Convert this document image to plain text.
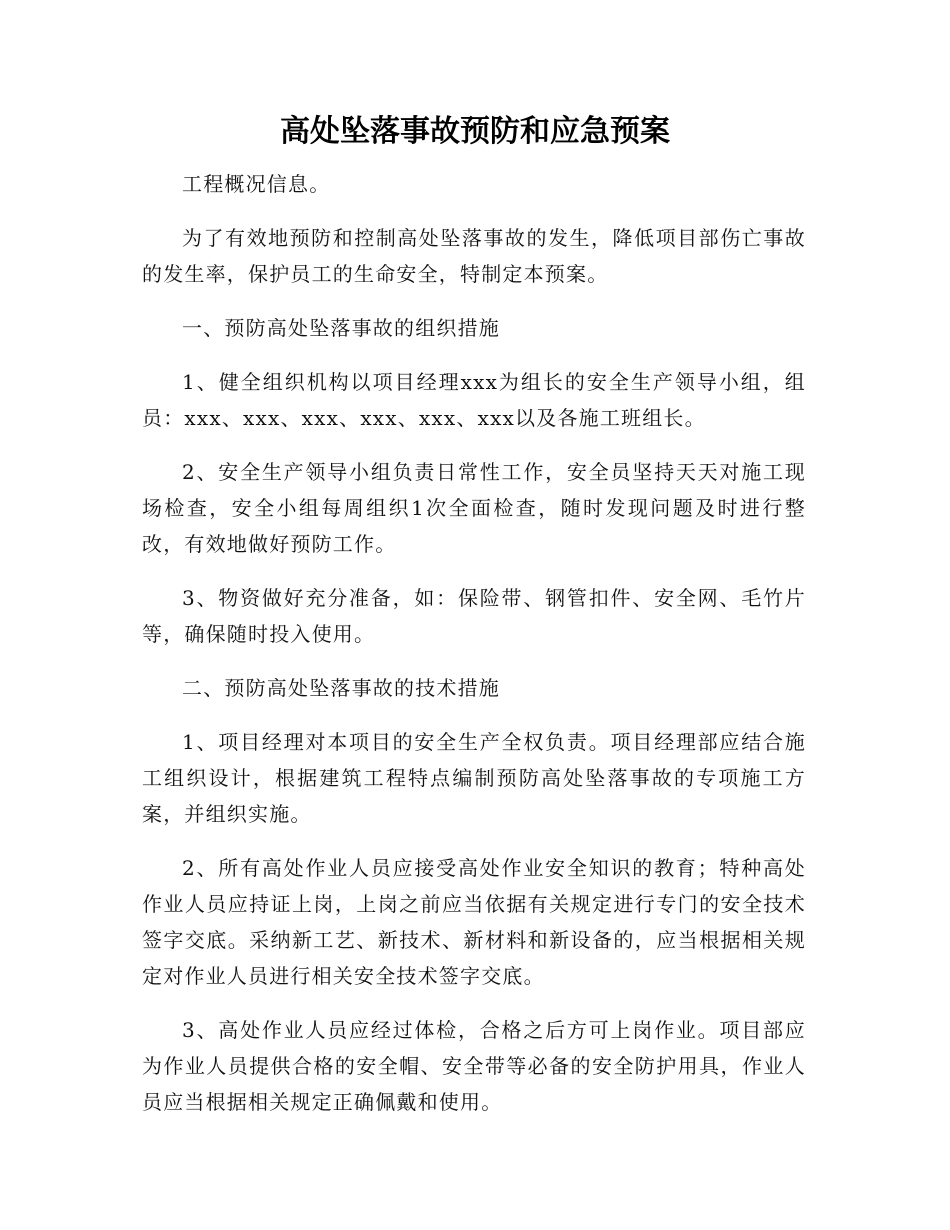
高处坠落事故预防和应急预案

工程概况信息。

为了有效地预防和控制高处坠落事故的发生，降低项目部伤亡事故的发生率，保护员工的生命安全，特制定本预案。

一、预防高处坠落事故的组织措施

1、健全组织机构以项目经理xxx为组长的安全生产领导小组，组员：xxx、xxx、xxx、xxx、xxx、xxx以及各施工班组长。

2、安全生产领导小组负责日常性工作，安全员坚持天天对施工现场检查，安全小组每周组织1次全面检查，随时发现问题及时进行整改，有效地做好预防工作。

3、物资做好充分准备，如：保险带、钢管扣件、安全网、毛竹片等，确保随时投入使用。

二、预防高处坠落事故的技术措施

1、项目经理对本项目的安全生产全权负责。项目经理部应结合施工组织设计，根据建筑工程特点编制预防高处坠落事故的专项施工方案，并组织实施。

2、所有高处作业人员应接受高处作业安全知识的教育；特种高处作业人员应持证上岗，上岗之前应当依据有关规定进行专门的安全技术签字交底。采纳新工艺、新技术、新材料和新设备的，应当根据相关规定对作业人员进行相关安全技术签字交底。

3、高处作业人员应经过体检，合格之后方可上岗作业。项目部应为作业人员提供合格的安全帽、安全带等必备的安全防护用具，作业人员应当根据相关规定正确佩戴和使用。
